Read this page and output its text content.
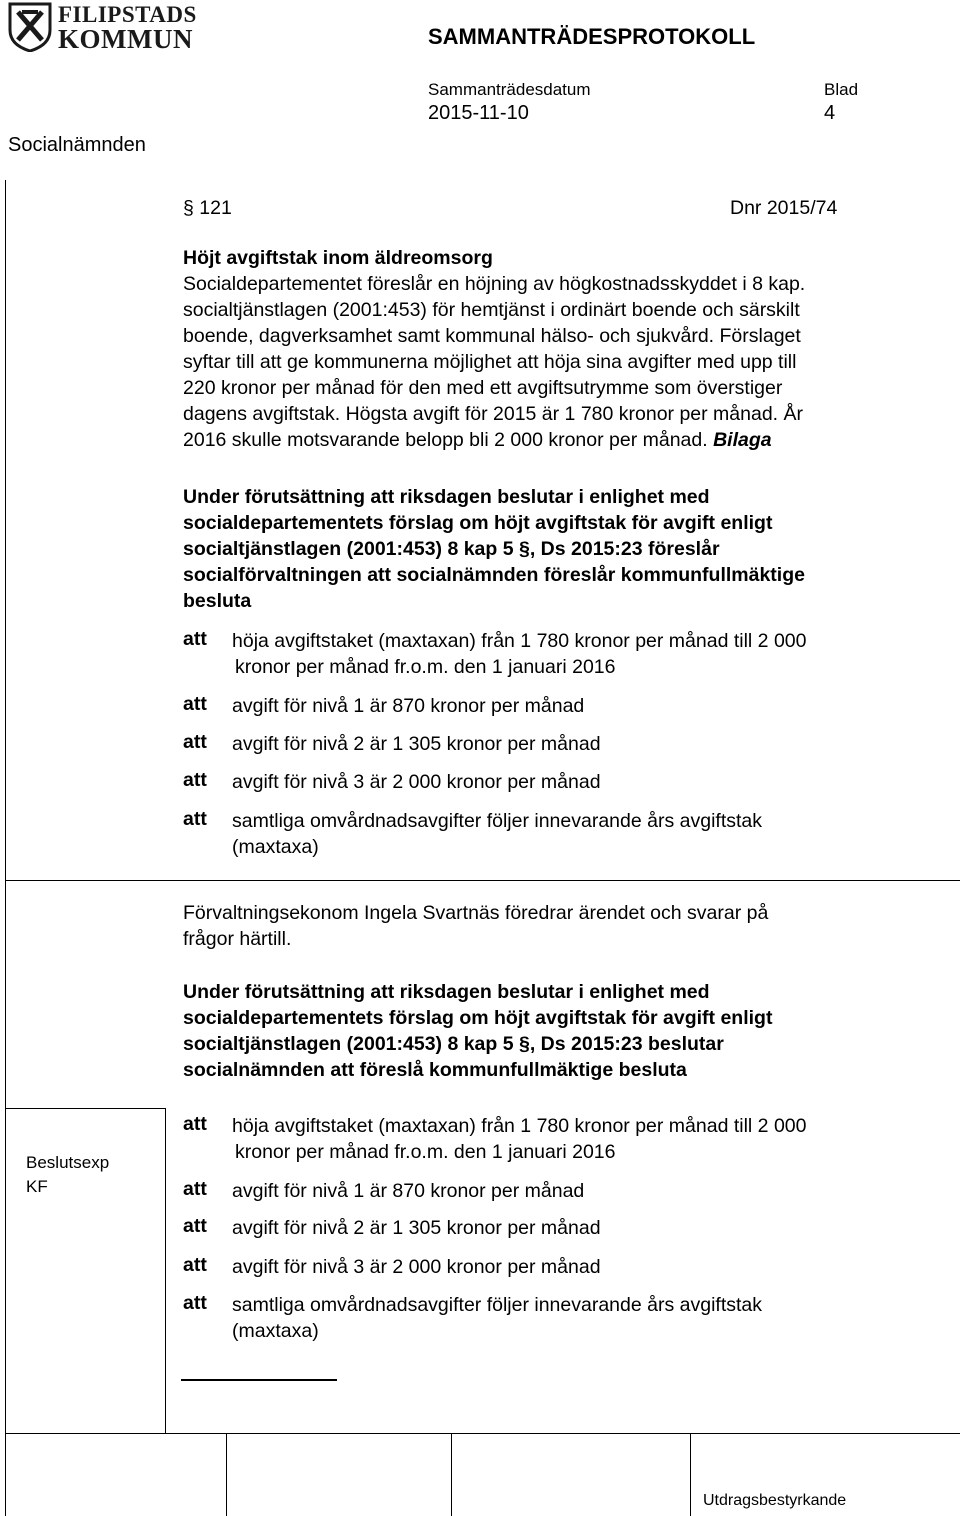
FILIPSTADS
KOMMUN	SAMMANTRÄDESPROTOKOLL
Sammanträdesdatum
2015-11-10
Blad
4
Socialnämnden
§ 121	Dnr 2015/74
Höjt avgiftstak inom äldreomsorg
Socialdepartementet föreslår en höjning av högkostnadsskyddet i 8 kap.
socialtjänstlagen (2001:453) för hemtjänst i ordinärt boende och särskilt
boende, dagverksamhet samt kommunal hälso- och sjukvård. Förslaget
syftar till att ge kommunerna möjlighet att höja sina avgifter med upp till
220 kronor per månad för den med ett avgiftsutrymme som överstiger
dagens avgiftstak. Högsta avgift för 2015 är 1 780 kronor per månad. År
2016 skulle motsvarande belopp bli 2 000 kronor per månad. Bilaga
Under förutsättning att riksdagen beslutar i enlighet med
socialdepartementets förslag om höjt avgiftstak för avgift enligt
socialtjänstlagen (2001:453) 8 kap 5 §, Ds 2015:23 föreslår
socialförvaltningen att socialnämnden föreslår kommunfullmäktige
besluta
att höja avgiftstaket (maxtaxan) från 1 780 kronor per månad till 2 000
kronor per månad fr.o.m. den 1 januari 2016
att avgift för nivå 1 är 870 kronor per månad
att avgift för nivå 2 är 1 305 kronor per månad
att avgift för nivå 3 är 2 000 kronor per månad
att samtliga omvårdnadsavgifter följer innevarande års avgiftstak
(maxtaxa)
Förvaltningsekonom Ingela Svartnäs föredrar ärendet och svarar på
frågor härtill.
Under förutsättning att riksdagen beslutar i enlighet med
socialdepartementets förslag om höjt avgiftstak för avgift enligt
socialtjänstlagen (2001:453) 8 kap 5 §, Ds 2015:23 beslutar
socialnämnden att föreslå kommunfullmäktige besluta
Beslutsexp
KF
att höja avgiftstaket (maxtaxan) från 1 780 kronor per månad till 2 000
kronor per månad fr.o.m. den 1 januari 2016
att avgift för nivå 1 är 870 kronor per månad
att avgift för nivå 2 är 1 305 kronor per månad
att avgift för nivå 3 är 2 000 kronor per månad
att samtliga omvårdnadsavgifter följer innevarande års avgiftstak
(maxtaxa)
Utdragsbestyrkande
